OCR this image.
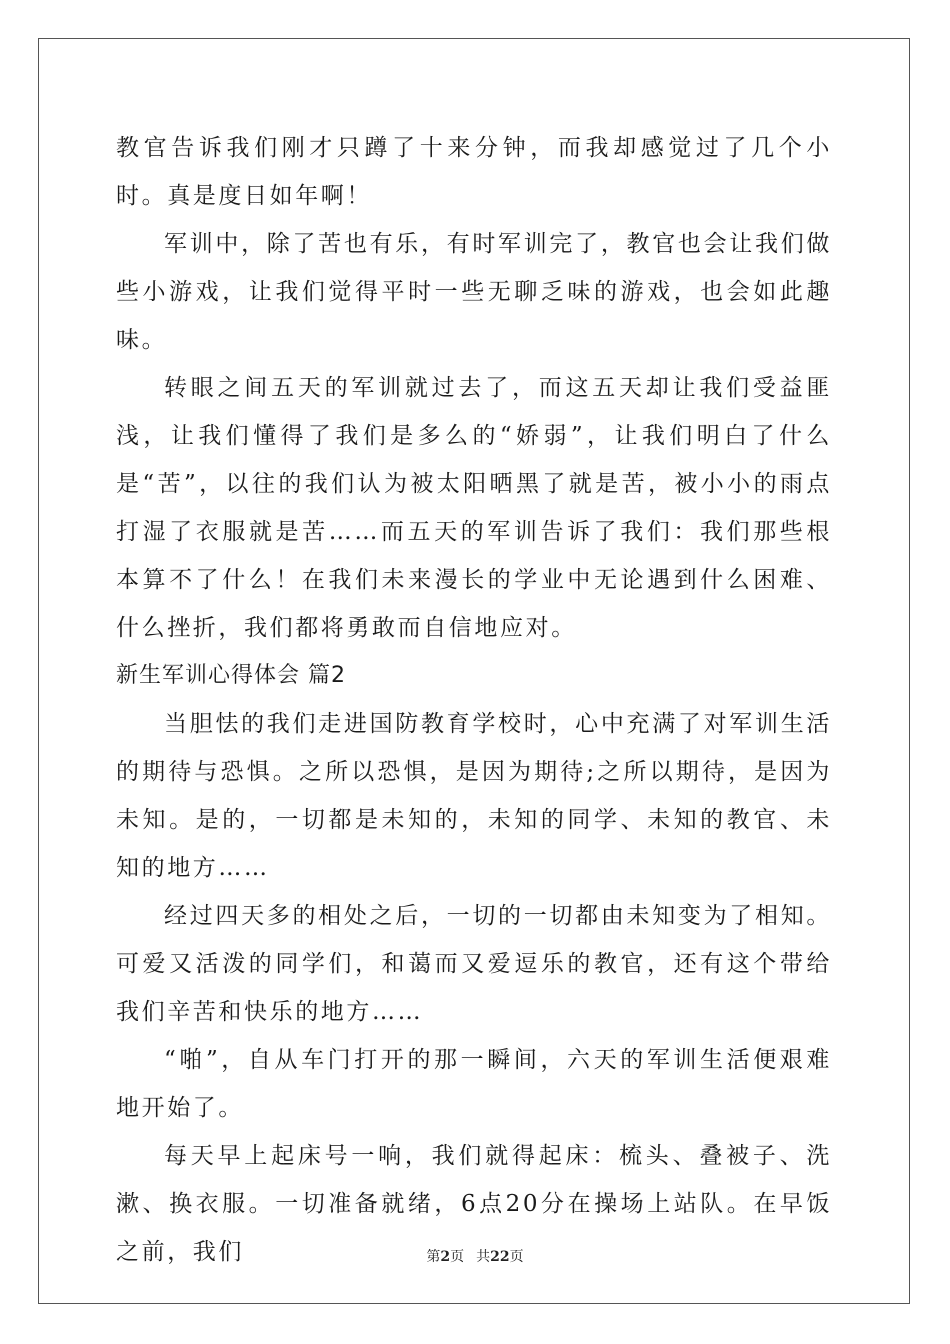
教官告诉我们刚才只蹲了十来分钟，而我却感觉过了几个小时。真是度日如年啊！

军训中，除了苦也有乐，有时军训完了，教官也会让我们做些小游戏，让我们觉得平时一些无聊乏味的游戏，也会如此趣味。

转眼之间五天的军训就过去了，而这五天却让我们受益匪浅，让我们懂得了我们是多么的“娇弱”，让我们明白了什么是“苦”，以往的我们认为被太阳晒黑了就是苦，被小小的雨点打湿了衣服就是苦……而五天的军训告诉了我们：我们那些根本算不了什么！在我们未来漫长的学业中无论遇到什么困难、什么挫折，我们都将勇敢而自信地应对。

新生军训心得体会 篇2

当胆怯的我们走进国防教育学校时，心中充满了对军训生活的期待与恐惧。之所以恐惧，是因为期待;之所以期待，是因为未知。是的，一切都是未知的，未知的同学、未知的教官、未知的地方……

经过四天多的相处之后，一切的一切都由未知变为了相知。可爱又活泼的同学们，和蔼而又爱逗乐的教官，还有这个带给我们辛苦和快乐的地方……

“啪”，自从车门打开的那一瞬间，六天的军训生活便艰难地开始了。

每天早上起床号一响，我们就得起床：梳头、叠被子、洗漱、换衣服。一切准备就绪，6点20分在操场上站队。在早饭之前，我们	第2页 共22页
